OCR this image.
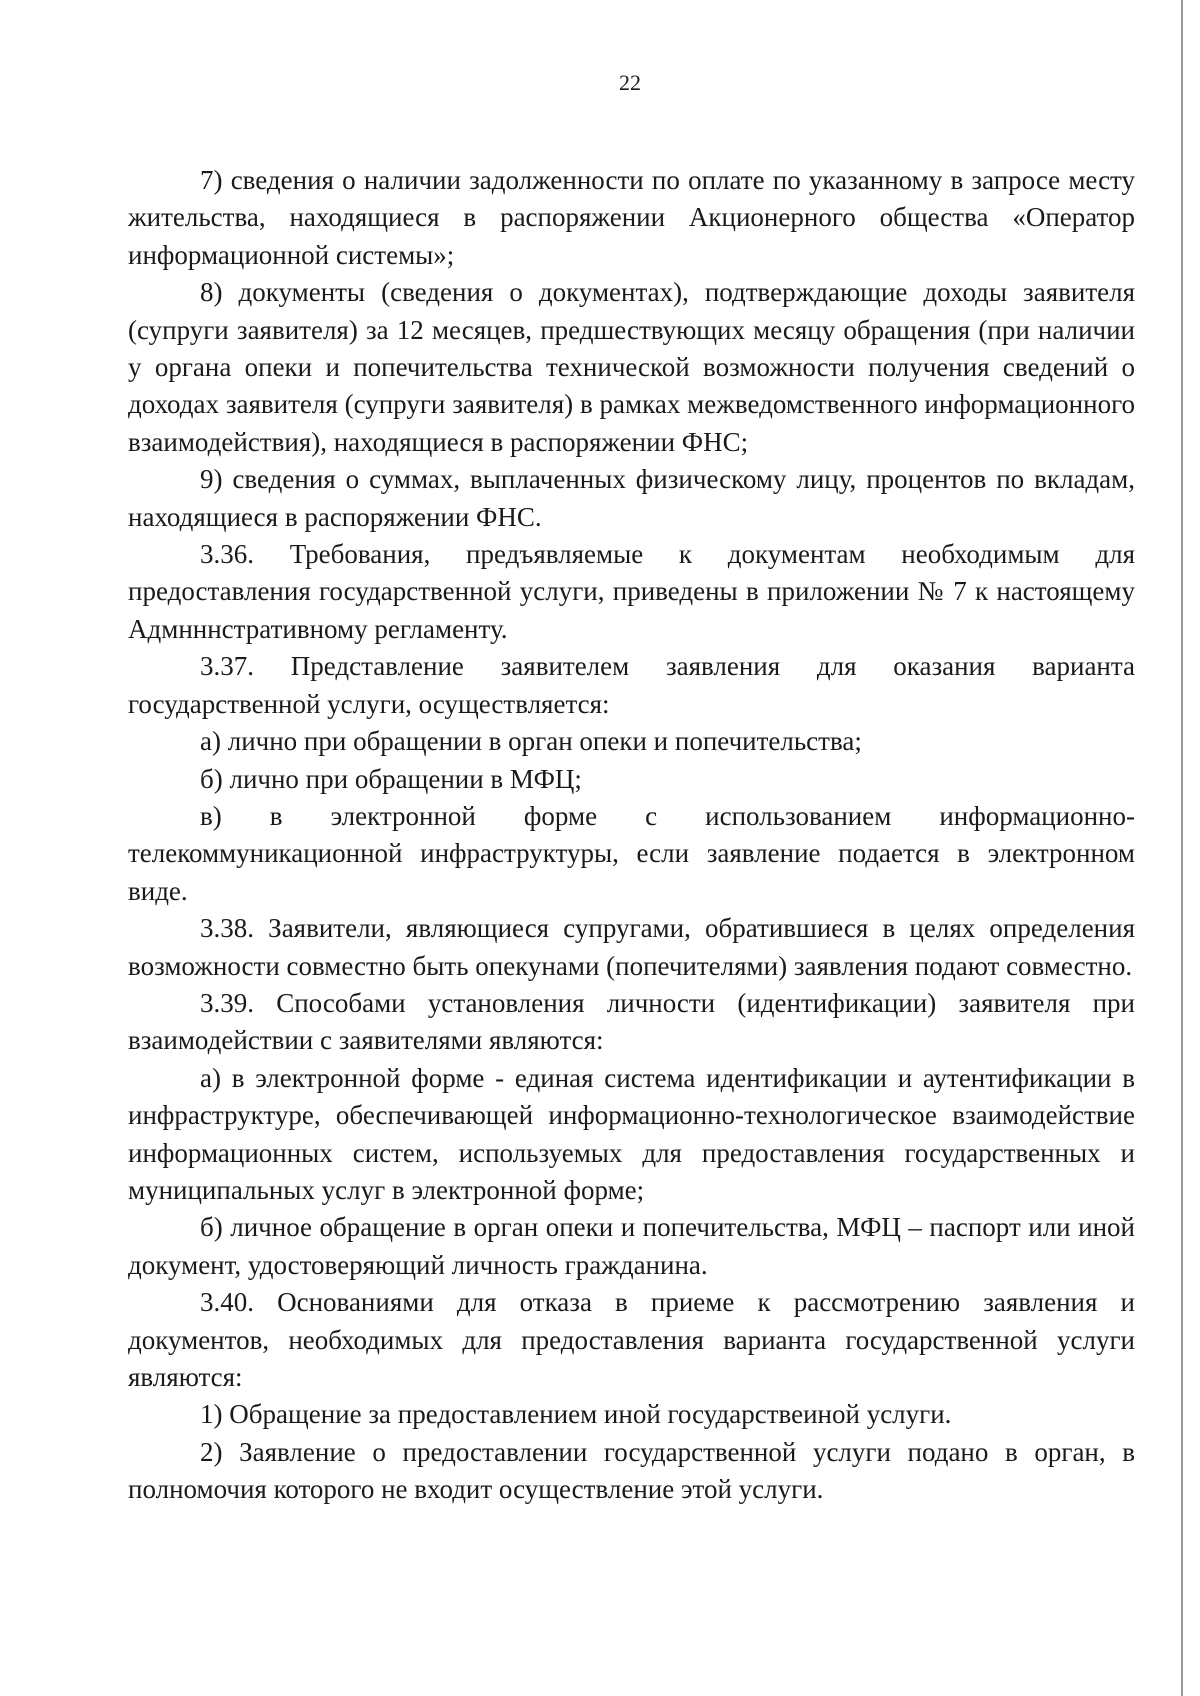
22

7) сведения о наличии задолженности по оплате по указанному в запросе месту жительства, находящиеся в распоряжении Акционерного общества «Оператор информационной системы»;

8) документы (сведения о документах), подтверждающие доходы заявителя (супруги заявителя) за 12 месяцев, предшествующих месяцу обращения (при наличии у органа опеки и попечительства технической возможности получения сведений о доходах заявителя (супруги заявителя) в рамках межведомственного информационного взаимодействия), находящиеся в распоряжении ФНС;

9) сведения о суммах, выплаченных физическому лицу, процентов по вкладам, находящиеся в распоряжении ФНС.

3.36. Требования, предъявляемые к документам необходимым для предоставления государственной услуги, приведены в приложении № 7 к настоящему Адмнннстративному регламенту.

3.37. Представление заявителем заявления для оказания варианта государственной услуги, осуществляется:

а) лично при обращении в орган опеки и попечительства;

б) лично при обращении в МФЦ;

в) в электронной форме с использованием информационно-телекоммуникационной инфраструктуры, если заявление подается в электронном виде.

3.38. Заявители, являющиеся супругами, обратившиеся в целях определения возможности совместно быть опекунами (попечителями) заявления подают совместно.

3.39. Способами установления личности (идентификации) заявителя при взаимодействии с заявителями являются:

а) в электронной форме - единая система идентификации и аутентификации в инфраструктуре, обеспечивающей информационно-технологическое взаимодействие информационных систем, используемых для предоставления государственных и муниципальных услуг в электронной форме;

б) личное обращение в орган опеки и попечительства, МФЦ – паспорт или иной документ, удостоверяющий личность гражданина.

3.40. Основаниями для отказа в приеме к рассмотрению заявления и документов, необходимых для предоставления варианта государственной услуги являются:

1) Обращение за предоставлением иной государствеиной услуги.

2) Заявление о предоставлении государственной услуги подано в орган, в полномочия которого не входит осуществление этой услуги.
